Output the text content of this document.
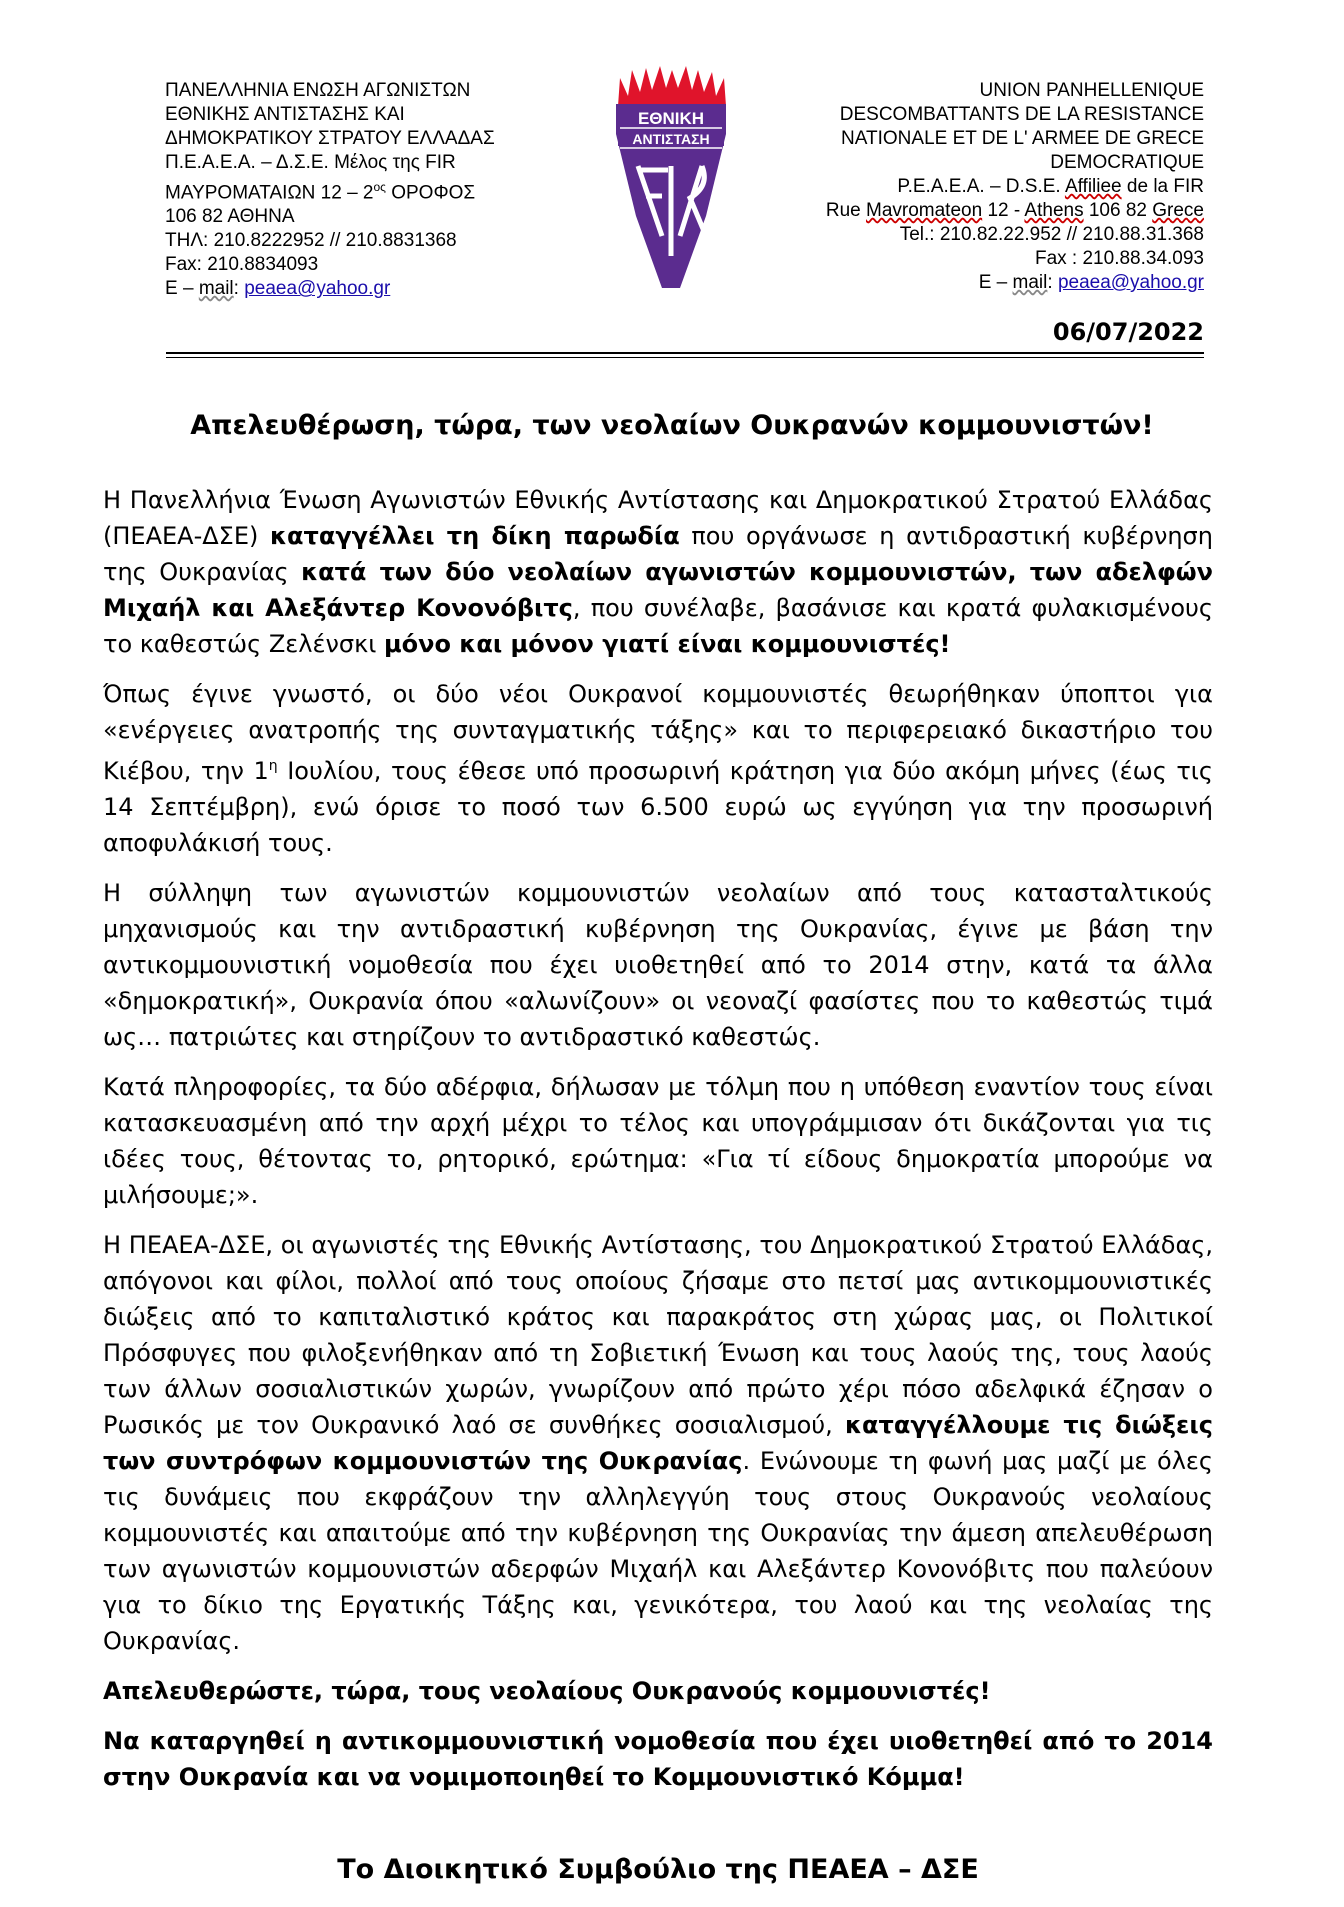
ΠΑΝΕΛΛΗΝΙΑ ΕΝΩΣΗ ΑΓΩΝΙΣΤΩΝ
ΕΘΝΙΚΗΣ ΑΝΤΙΣΤΑΣΗΣ ΚΑΙ
ΔΗΜΟΚΡΑΤΙΚΟΥ ΣΤΡΑΤΟΥ ΕΛΛΑΔΑΣ
Π.Ε.Α.Ε.Α. – Δ.Σ.Ε. Μέλος της FIR
ΜΑΥΡΟΜΑΤΑΙΩΝ $12 - 2^{o\varsigma}$ ΟΡΟΦΟΣ
106 82 ΑΘΗΝΑ
ΤΗΛ: 210.8222952 // 210.8831368
Fax: 210.8834093
E – mail: peaea@yahoo.gr
ΕΘΝΙΚΗ
ΑΝΤΙΣΤΑΣΗ
UNION PANHELLENIQUE
DESCOMBATTANTS DE LA RESISTANCE
NATIONALE ET DE L' ARMEE DE GRECE
DEMOCRATIQUE
P.E.A.E.A. – D.S.E. Affiliee de la FIR
Rue Mavromateon 12 - Athens 106 82 Grece
Tel.: 210.82.22.952 // 210.88.31.368
Fax : 210.88.34.093
E – mail: peaea@yahoo.gr
06/07/2022
Απελευθέρωση, τώρα, των νεολαίων Ουκρανών κομμουνιστών!

Η Πανελλήνια Ένωση Αγωνιστών Εθνικής Αντίστασης και Δημοκρατικού Στρατού Ελλάδας (ΠΕΑΕΑ-ΔΣΕ) καταγγέλλει τη δίκη παρωδία που οργάνωσε η αντιδραστική κυβέρνηση της Ουκρανίας κατά των δύο νεολαίων αγωνιστών κομμουνιστών, των αδελφών Μιχαήλ και Αλεξάντερ Κονονόβιτς, που συνέλαβε, βασάνισε και κρατά φυλακισμένους το καθεστώς Ζελένσκι μόνο και μόνον γιατί είναι κομμουνιστές!

Όπως έγινε γνωστό, οι δύο νέοι Ουκρανοί κομμουνιστές θεωρήθηκαν ύποπτοι για «ενέργειες ανατροπής της συνταγματικής τάξης» και το περιφερειακό δικαστήριο του Κιέβου, την $1^\eta$ Ιουλίου, τους έθεσε υπό προσωρινή κράτηση για δύο ακόμη μήνες (έως τις 14 Σεπτέμβρη), ενώ όρισε το ποσό των 6.500 ευρώ ως εγγύηση για την προσωρινή αποφυλάκισή τους.

Η σύλληψη των αγωνιστών κομμουνιστών νεολαίων από τους κατασταλτικούς μηχανισμούς και την αντιδραστική κυβέρνηση της Ουκρανίας, έγινε με βάση την αντικομμουνιστική νομοθεσία που έχει υιοθετηθεί από το 2014 στην, κατά τα άλλα «δημοκρατική», Ουκρανία όπου «αλωνίζουν» οι νεοναζί φασίστες που το καθεστώς τιμά ως… πατριώτες και στηρίζουν το αντιδραστικό καθεστώς.

Κατά πληροφορίες, τα δύο αδέρφια, δήλωσαν με τόλμη που η υπόθεση εναντίον τους είναι κατασκευασμένη από την αρχή μέχρι το τέλος και υπογράμμισαν ότι δικάζονται για τις ιδέες τους, θέτοντας το, ρητορικό, ερώτημα: «Για τί είδους δημοκρατία μπορούμε να μιλήσουμε;».

Η ΠΕΑΕΑ-ΔΣΕ, οι αγωνιστές της Εθνικής Αντίστασης, του Δημοκρατικού Στρατού Ελλάδας, απόγονοι και φίλοι, πολλοί από τους οποίους ζήσαμε στο πετσί μας αντικομμουνιστικές διώξεις από το καπιταλιστικό κράτος και παρακράτος στη χώρας μας, οι Πολιτικοί Πρόσφυγες που φιλοξενήθηκαν από τη Σοβιετική Ένωση και τους λαούς της, τους λαούς των άλλων σοσιαλιστικών χωρών, γνωρίζουν από πρώτο χέρι πόσο αδελφικά έζησαν ο Ρωσικός με τον Ουκρανικό λαό σε συνθήκες σοσιαλισμού, καταγγέλλουμε τις διώξεις των συντρόφων κομμουνιστών της Ουκρανίας. Ενώνουμε τη φωνή μας μαζί με όλες τις δυνάμεις που εκφράζουν την αλληλεγγύη τους στους Ουκρανούς νεολαίους κομμουνιστές και απαιτούμε από την κυβέρνηση της Ουκρανίας την άμεση απελευθέρωση των αγωνιστών κομμουνιστών αδερφών Μιχαήλ και Αλεξάντερ Κονονόβιτς που παλεύουν για το δίκιο της Εργατικής Τάξης και, γενικότερα, του λαού και της νεολαίας της Ουκρανίας.

Απελευθερώστε, τώρα, τους νεολαίους Ουκρανούς κομμουνιστές!

Να καταργηθεί η αντικομμουνιστική νομοθεσία που έχει υιοθετηθεί από το 2014 στην Ουκρανία και να νομιμοποιηθεί το Κομμουνιστικό Κόμμα!

Το Διοικητικό Συμβούλιο της ΠΕΑΕΑ – ΔΣΕ
